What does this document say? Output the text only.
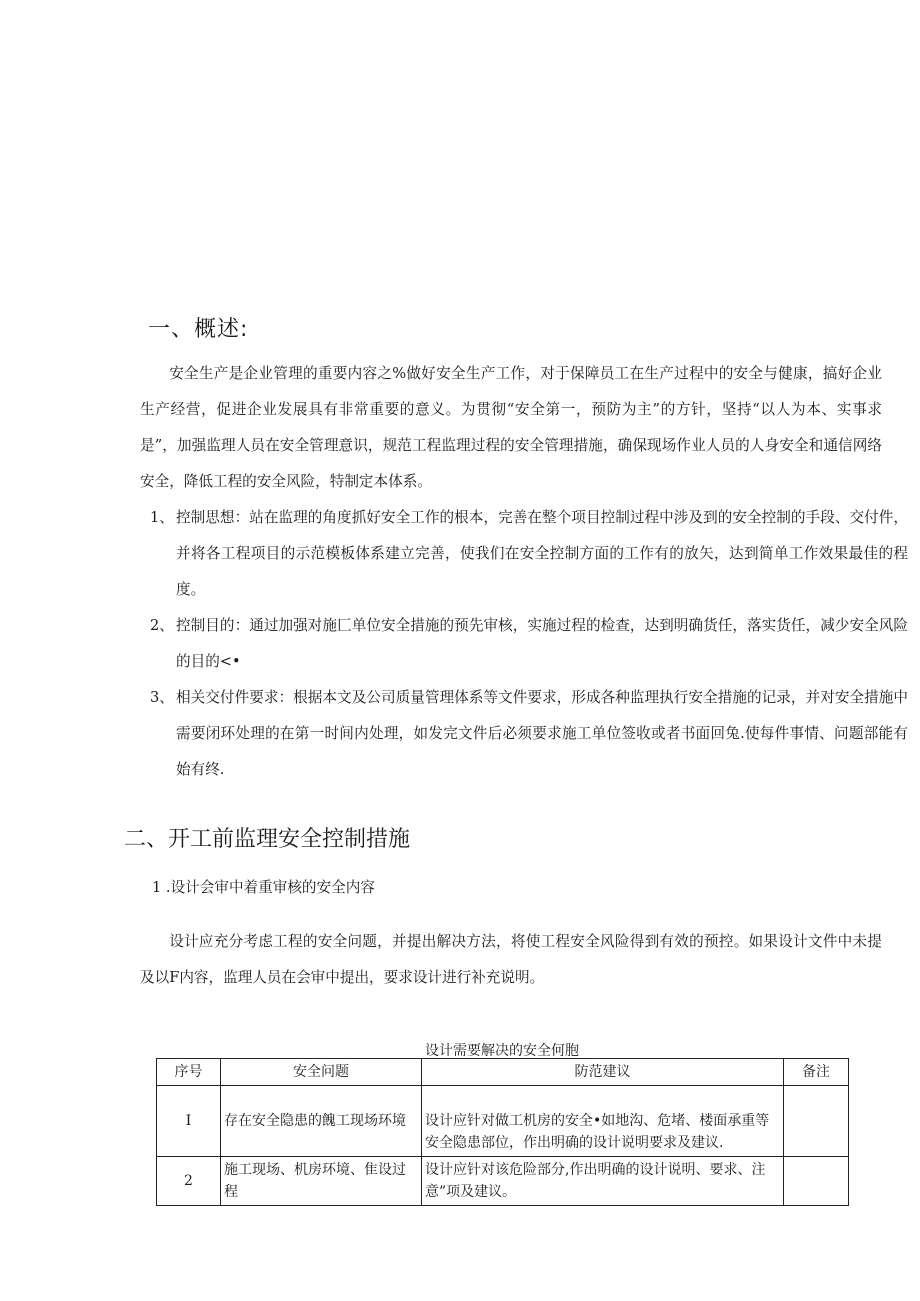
一、概述:

安全生产是企业管理的重要内容之%做好安全生产工作，对于保障员工在生产过程中的安全与健康，搞好企业生产经营，促进企业发展具有非常重要的意义。为贯彻“安全第一，预防为主”的方针，坚持“以人为本、实事求是”，加强监理人员在安全管理意识，规范工程监理过程的安全管理措施，确保现场作业人员的人身安全和通信网络安全，降低工程的安全风险，特制定本体系。

1、 控制思想：站在监理的角度抓好安全工作的根本，完善在整个项目控制过程中涉及到的安全控制的手段、交付件，并将各工程项目的示范模板体系建立完善，使我们在安全控制方面的工作有的放矢，达到简单工作效果最佳的程度。
2、 控制目的：通过加强对施匚单位安全措施的预先审核，实施过程的检查，达到明确货任，落实货任，减少安全风险的目的<•
3、 相关交付件要求：根据本文及公司质量管理体系等文件要求，形成各种监理执行安全措施的记录，并对安全措施中需要闭环处理的在第一时间内处理，如发完文件后必须要求施工单位签收或者书面回兔.使每件事情、问题部能有始有终.
二、开工前监理安全控制措施

1 .设计会审中着重审核的安全内容

设计应充分考虑工程的安全问题，并提出解决方法，将使工程安全风险得到有效的预控。如果设计文件中未提及以F内容，监理人员在会审中提出，要求设计进行补充说明。

设计需要解决的安全何胞

序号	安全问题	防范建议	备注
I	存在安全隐患的餽工现场环境	设计应针对做工机房的安全•如地沟、危堵、楼面承重等安全隐患部位，作出明确的设计说明要求及建议.	
2	施工现场、机房环境、隹设过程	设计应针对该危险部分,作出明确的设计说明、要求、注意”项及建议。	
